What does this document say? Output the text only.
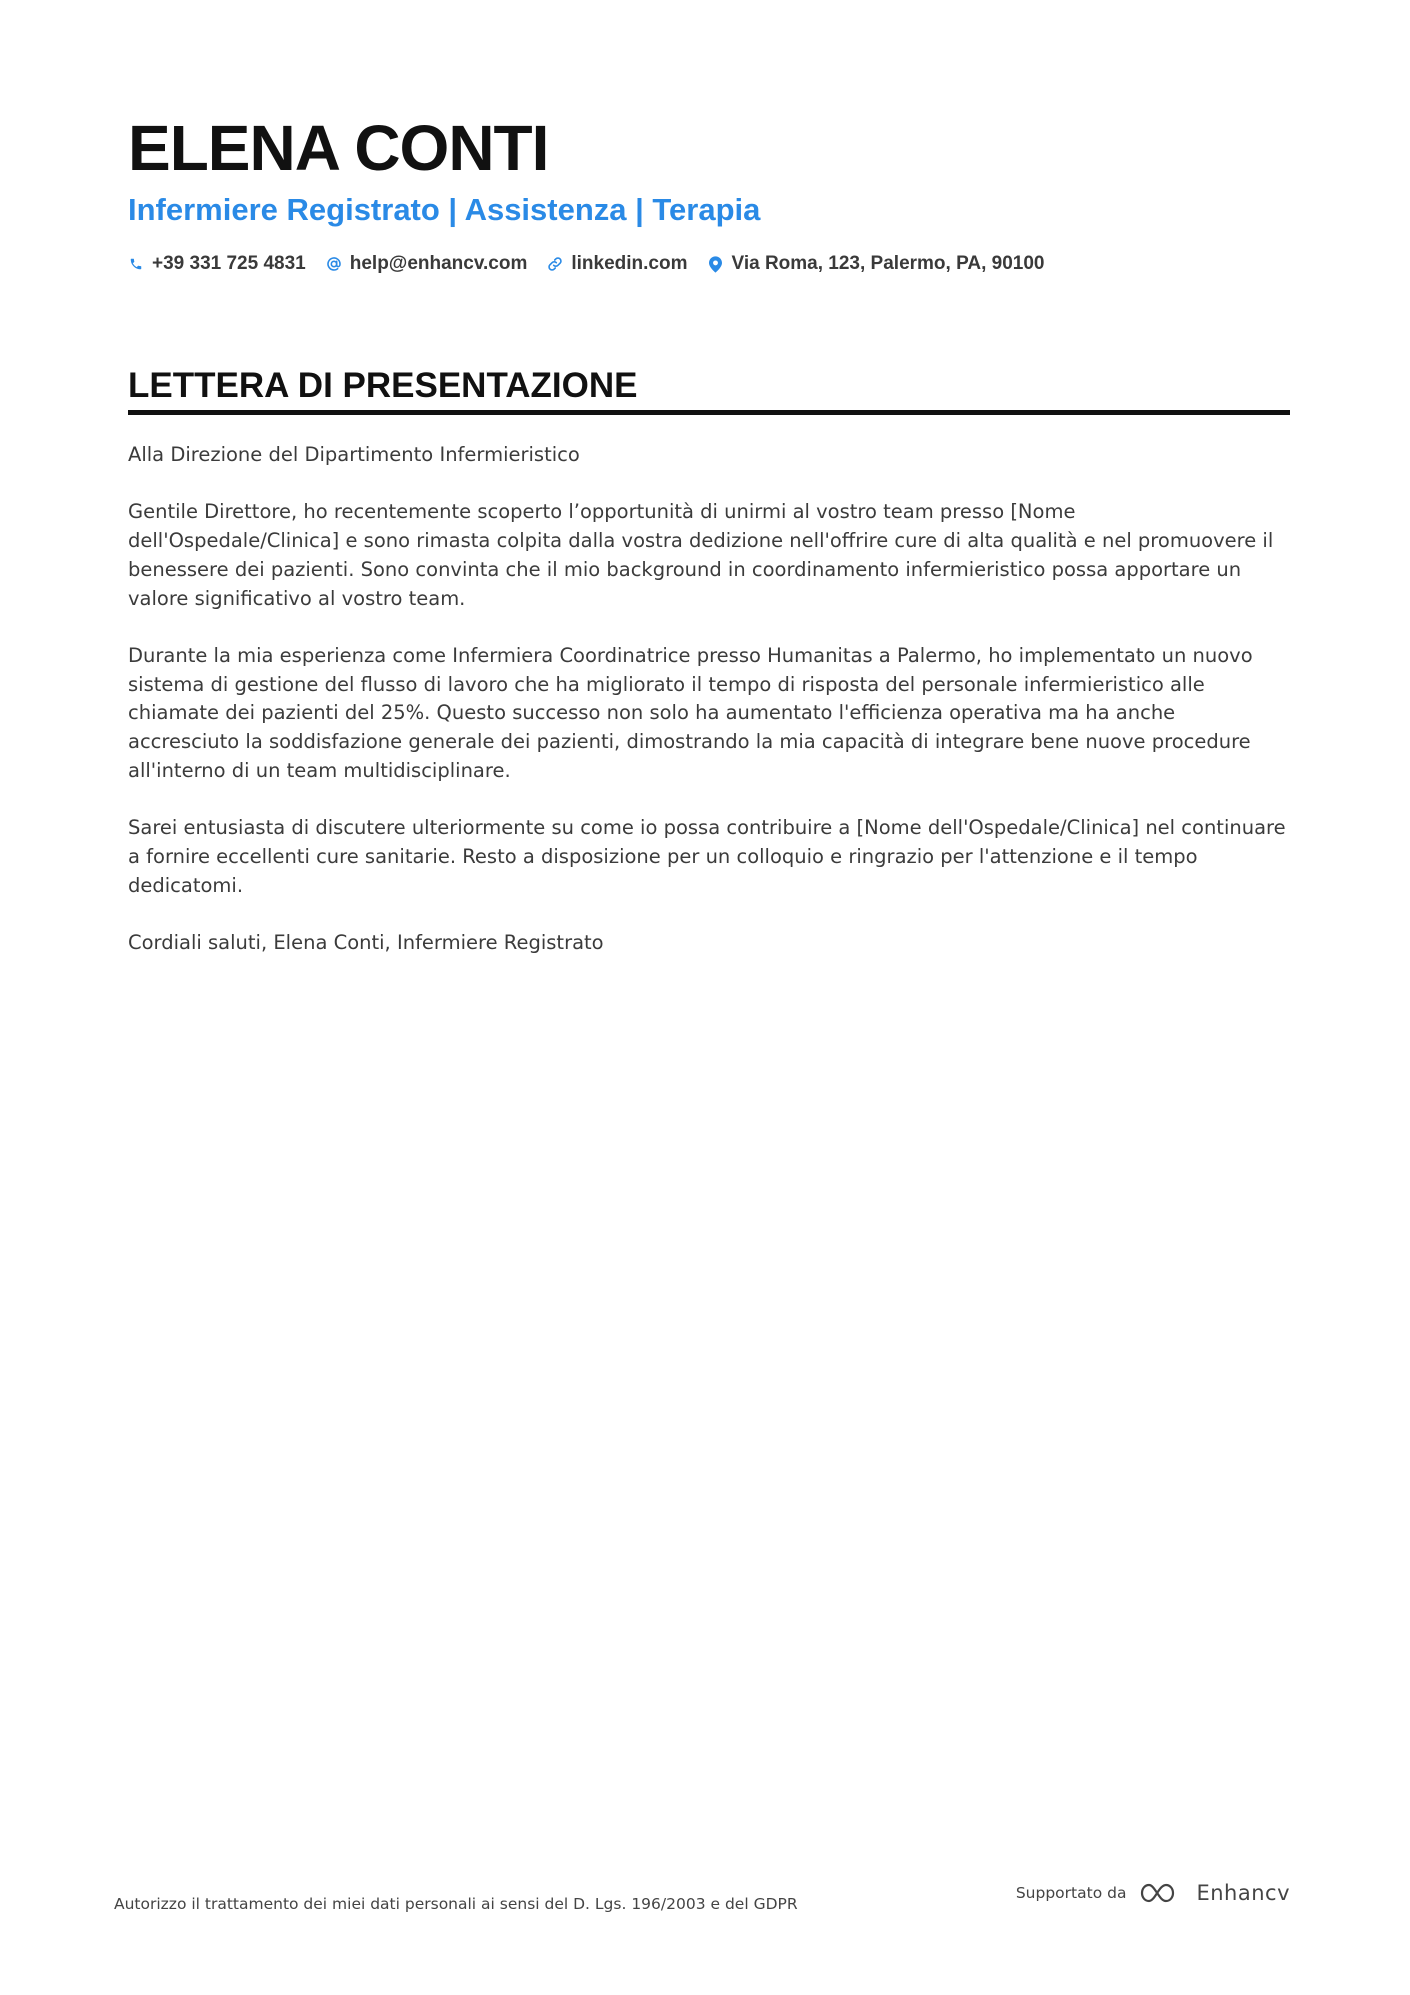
ELENA CONTI
Infermiere Registrato | Assistenza | Terapia
+39 331 725 4831 help@enhancv.com linkedin.com Via Roma, 123, Palermo, PA, 90100
LETTERA DI PRESENTAZIONE

Alla Direzione del Dipartimento Infermieristico

Gentile Direttore, ho recentemente scoperto l’opportunità di unirmi al vostro team presso [Nome dell'Ospedale/Clinica] e sono rimasta colpita dalla vostra dedizione nell'offrire cure di alta qualità e nel promuovere il benessere dei pazienti. Sono convinta che il mio background in coordinamento infermieristico possa apportare un valore significativo al vostro team.

Durante la mia esperienza come Infermiera Coordinatrice presso Humanitas a Palermo, ho implementato un nuovo sistema di gestione del flusso di lavoro che ha migliorato il tempo di risposta del personale infermieristico alle chiamate dei pazienti del 25%. Questo successo non solo ha aumentato l'efficienza operativa ma ha anche accresciuto la soddisfazione generale dei pazienti, dimostrando la mia capacità di integrare bene nuove procedure all'interno di un team multidisciplinare.

Sarei entusiasta di discutere ulteriormente su come io possa contribuire a [Nome dell'Ospedale/Clinica] nel continuare a fornire eccellenti cure sanitarie. Resto a disposizione per un colloquio e ringrazio per l'attenzione e il tempo dedicatomi.

Cordiali saluti, Elena Conti, Infermiere Registrato

Autorizzo il trattamento dei miei dati personali ai sensi del D. Lgs. 196/2003 e del GDPR
Supportato da	Enhancv
